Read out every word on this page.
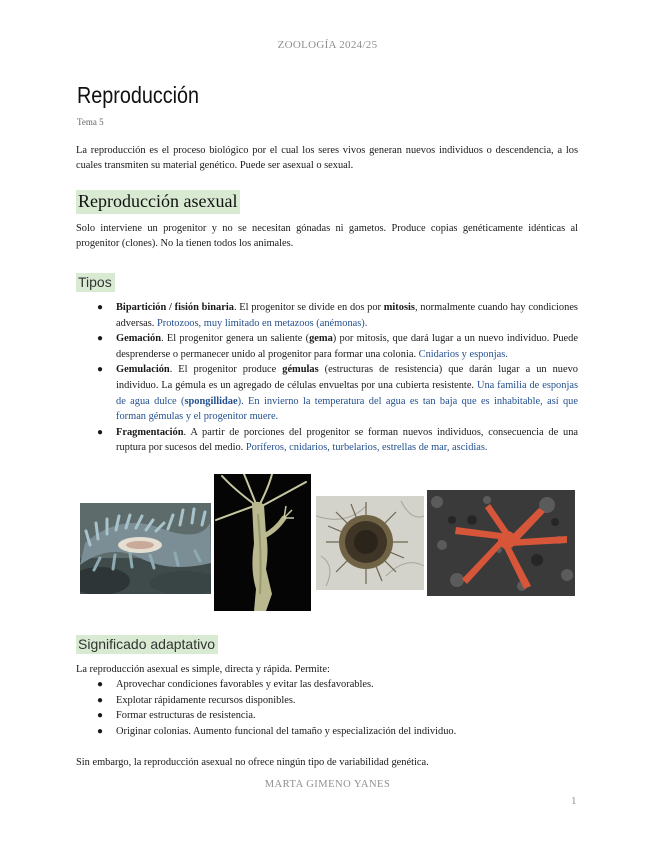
ZOOLOGÍA 2024/25
Reproducción
Tema 5

La reproducción es el proceso biológico por el cual los seres vivos generan nuevos individuos o descendencia, a los cuales transmiten su material genético. Puede ser asexual o sexual.

Reproducción asexual

Solo interviene un progenitor y no se necesitan gónadas ni gametos. Produce copias genéticamente idénticas al progenitor (clones). No la tienen todos los animales.

Tipos
● Bipartición / fisión binaria. El progenitor se divide en dos por mitosis, normalmente cuando hay condiciones adversas. Protozoos, muy limitado en metazoos (anémonas).
● Gemación. El progenitor genera un saliente (gema) por mitosis, que dará lugar a un nuevo individuo. Puede desprenderse o permanecer unido al progenitor para formar una colonia. Cnidarios y esponjas.
● Gemulación. El progenitor produce gémulas (estructuras de resistencia) que darán lugar a un nuevo individuo. La gémula es un agregado de células envueltas por una cubierta resistente. Una familia de esponjas de agua dulce (spongillidae). En invierno la temperatura del agua es tan baja que es inhabitable, así que forman gémulas y el progenitor muere.
● Fragmentación. A partir de porciones del progenitor se forman nuevos individuos, consecuencia de una ruptura por sucesos del medio. Poríferos, cnidarios, turbelarios, estrellas de mar, ascidias.
Significado adaptativo

La reproducción asexual es simple, directa y rápida. Permite:

● Aprovechar condiciones favorables y evitar las desfavorables.
● Explotar rápidamente recursos disponibles.
● Formar estructuras de resistencia.
● Originar colonias. Aumento funcional del tamaño y especialización del individuo.

Sin embargo, la reproducción asexual no ofrece ningún tipo de variabilidad genética.

MARTA GIMENO YANES
1
